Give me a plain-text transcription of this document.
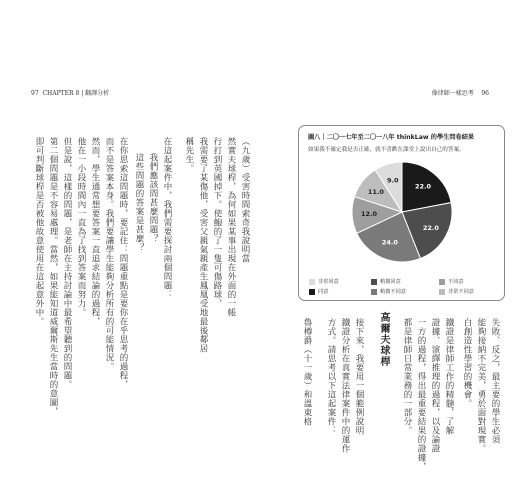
97 CHAPTER 8 | 翻譯分析	像律師一樣思考 96
（九歲）受害時間索奇我說明當
然實夫球桿，為何如果某事出現在外面的一帳
行打到英國掉下。使鮑的了一隻可傷路球，
我需要了某傷他，受害父親氣親產生鳳凰受地最後鄰居
稱先生。
在這起案件中，我們需要探討兩個問題：
我們應該問甚麼問題？
這些問題的答案是甚麼？
在你思索這問題時，要記住：問題重點是要你在乎思考的過程，
而不是答案本身。我們要讓學生能夠分析所有的可能情況。
然而，學生通常想要答案一直追求結論的過程，
他在一小段時間內一直為了找到答案而努力。
但是說，這樣的問題，是老師在主持討論中最希望聽到的問題。
第二個問題是不容易處理。當然，如果能知道威爾斯先生當時的意圖，
即可判斷球桿是否被他故意使用在這起意外中。	圖八｜二〇一七年至二〇一八年 thinkLaw 的學生問卷結果
如果我不確定我是否正確，就不喜歡在課堂上說出自己的答案。
22.0
22.0
24.0
12.0
11.0
9.0
非常同意	稍微同意	不同意
同意	稍微不同意	非常不同意
失敗、反之，最主要的學生必須
能夠接納不完美，勇於面對現實。
白創造性學習的機會。
鐵證是律師工作的精髓，了解
證據、演繹推理的過程，以及論證
一方的過程，得出最重要結果的證據，
都是律師日常業務的一部分。
高爾夫球桿
接下來，我要用一個範例說明
鐵證分析在真實法律案件中的運作
方式。請思考以下這起案件：
魯樽爵（十一歲）和溫東格
